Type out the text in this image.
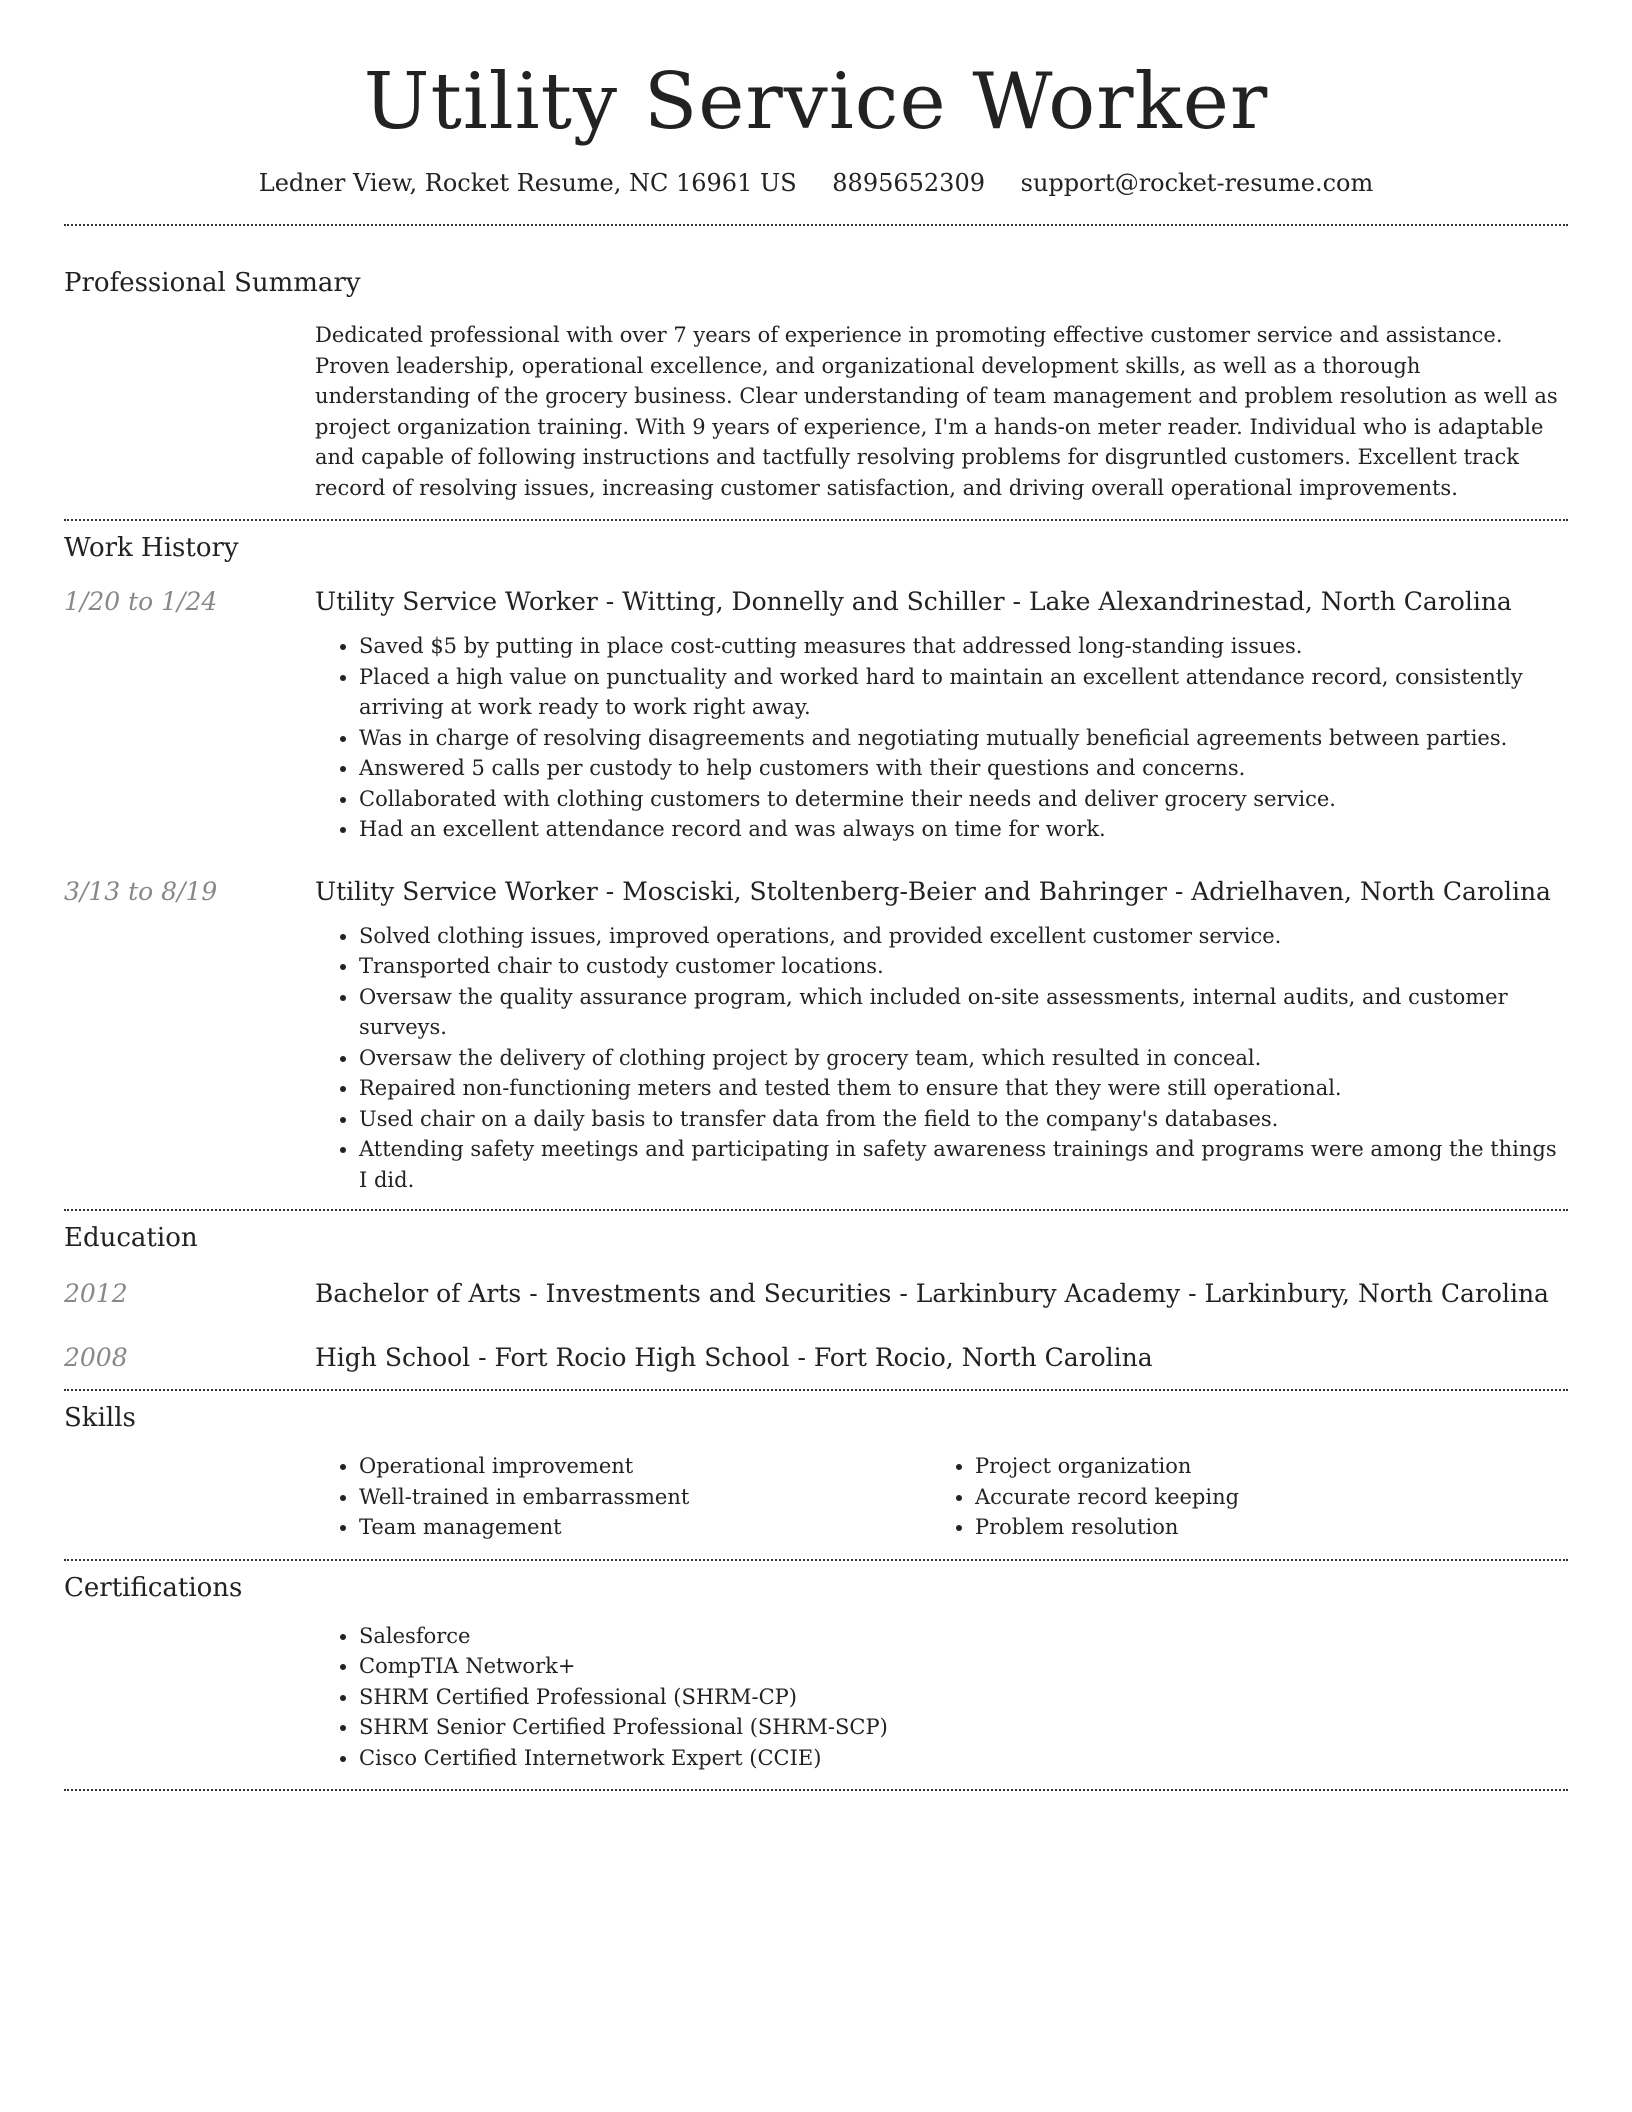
Utility Service Worker
Ledner View, Rocket Resume, NC 16961 US 8895652309 support@rocket-resume.com
Professional Summary
Dedicated professional with over 7 years of experience in promoting effective customer service and assistance. Proven leadership, operational excellence, and organizational development skills, as well as a thorough understanding of the grocery business. Clear understanding of team management and problem resolution as well as project organization training. With 9 years of experience, I'm a hands-on meter reader. Individual who is adaptable and capable of following instructions and tactfully resolving problems for disgruntled customers. Excellent track record of resolving issues, increasing customer satisfaction, and driving overall operational improvements.
Work History
1/20 to 1/24	Utility Service Worker - Witting, Donnelly and Schiller - Lake Alexandrinestad, North Carolina
• Saved $5 by putting in place cost-cutting measures that addressed long-standing issues.
• Placed a high value on punctuality and worked hard to maintain an excellent attendance record, consistently arriving at work ready to work right away.
• Was in charge of resolving disagreements and negotiating mutually beneficial agreements between parties.
• Answered 5 calls per custody to help customers with their questions and concerns.
• Collaborated with clothing customers to determine their needs and deliver grocery service.
• Had an excellent attendance record and was always on time for work.
3/13 to 8/19	Utility Service Worker - Mosciski, Stoltenberg-Beier and Bahringer - Adrielhaven, North Carolina
• Solved clothing issues, improved operations, and provided excellent customer service.
• Transported chair to custody customer locations.
• Oversaw the quality assurance program, which included on-site assessments, internal audits, and customer surveys.
• Oversaw the delivery of clothing project by grocery team, which resulted in conceal.
• Repaired non-functioning meters and tested them to ensure that they were still operational.
• Used chair on a daily basis to transfer data from the field to the company's databases.
• Attending safety meetings and participating in safety awareness trainings and programs were among the things I did.
Education
2012	Bachelor of Arts - Investments and Securities - Larkinbury Academy - Larkinbury, North Carolina
2008	High School - Fort Rocio High School - Fort Rocio, North Carolina
Skills
• Operational improvement
• Well-trained in embarrassment
• Team management
• Project organization
• Accurate record keeping
• Problem resolution
Certifications
• Salesforce
• CompTIA Network+
• SHRM Certified Professional (SHRM-CP)
• SHRM Senior Certified Professional (SHRM-SCP)
• Cisco Certified Internetwork Expert (CCIE)
